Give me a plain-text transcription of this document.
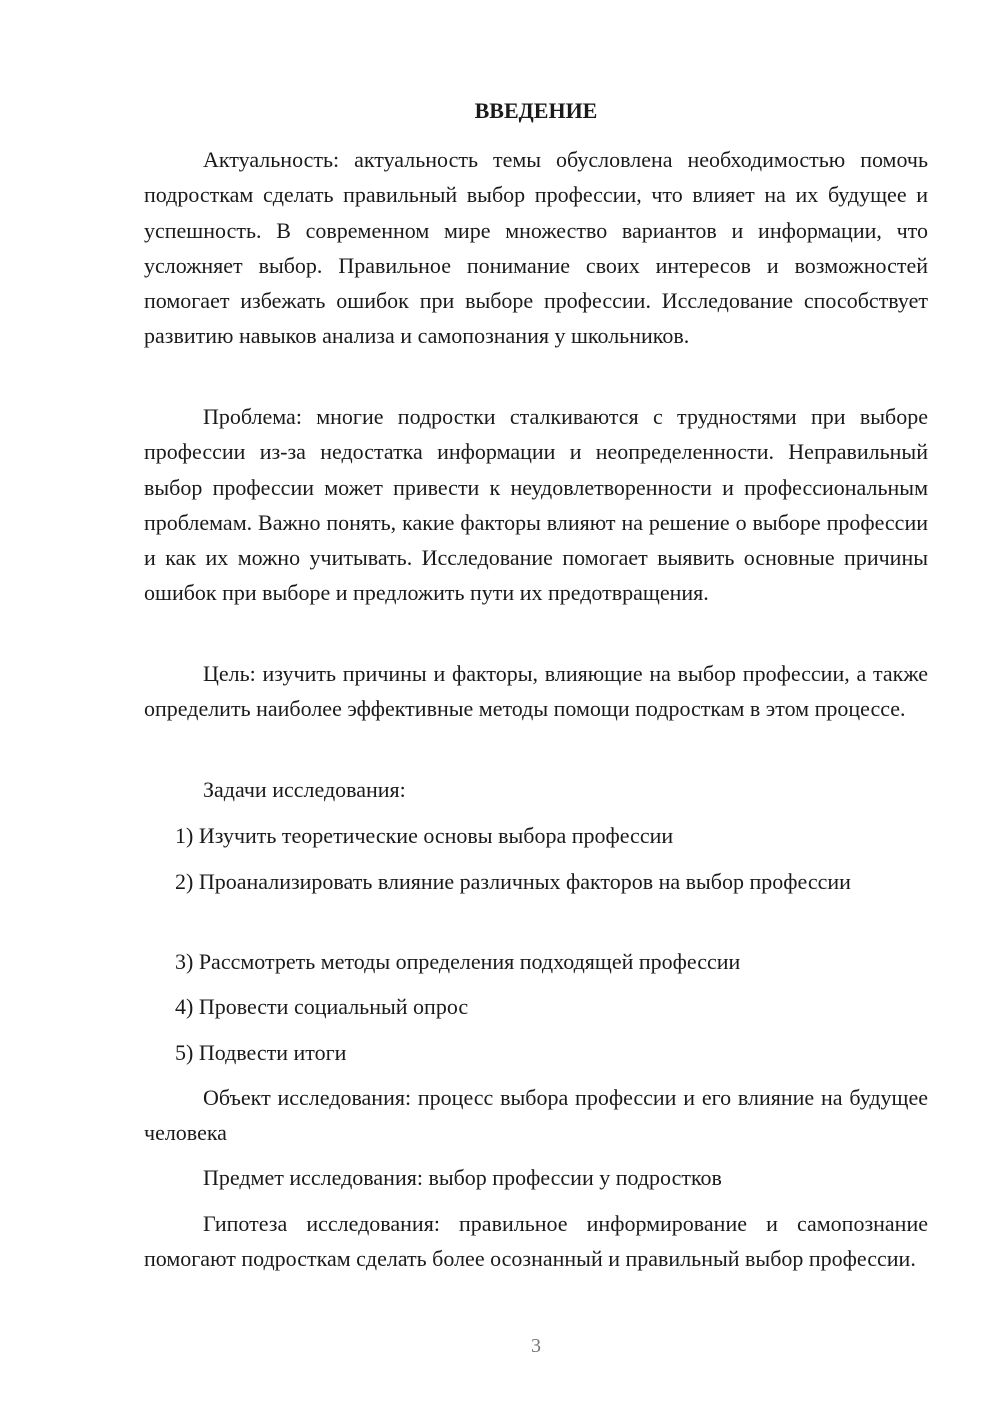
ВВЕДЕНИЕ

Актуальность: актуальность темы обусловлена необходимостью помочь подросткам сделать правильный выбор профессии, что влияет на их будущее и успешность. В современном мире множество вариантов и информации, что усложняет выбор. Правильное понимание своих интересов и возможностей помогает избежать ошибок при выборе профессии. Исследование способствует развитию навыков анализа и самопознания у школьников.

Проблема: многие подростки сталкиваются с трудностями при выборе профессии из-за недостатка информации и неопределенности. Неправильный выбор профессии может привести к неудовлетворенности и профессиональным проблемам. Важно понять, какие факторы влияют на решение о выборе профессии и как их можно учитывать. Исследование помогает выявить основные причины ошибок при выборе и предложить пути их предотвращения.

Цель: изучить причины и факторы, влияющие на выбор профессии, а также определить наиболее эффективные методы помощи подросткам в этом процессе.

Задачи исследования:

1) Изучить теоретические основы выбора профессии

2) Проанализировать влияние различных факторов на выбор профессии

3) Рассмотреть методы определения подходящей профессии

4) Провести социальный опрос

5) Подвести итоги

Объект исследования: процесс выбора профессии и его влияние на будущее человека

Предмет исследования: выбор профессии у подростков

Гипотеза исследования: правильное информирование и самопознание помогают подросткам сделать более осознанный и правильный выбор профессии.

3
